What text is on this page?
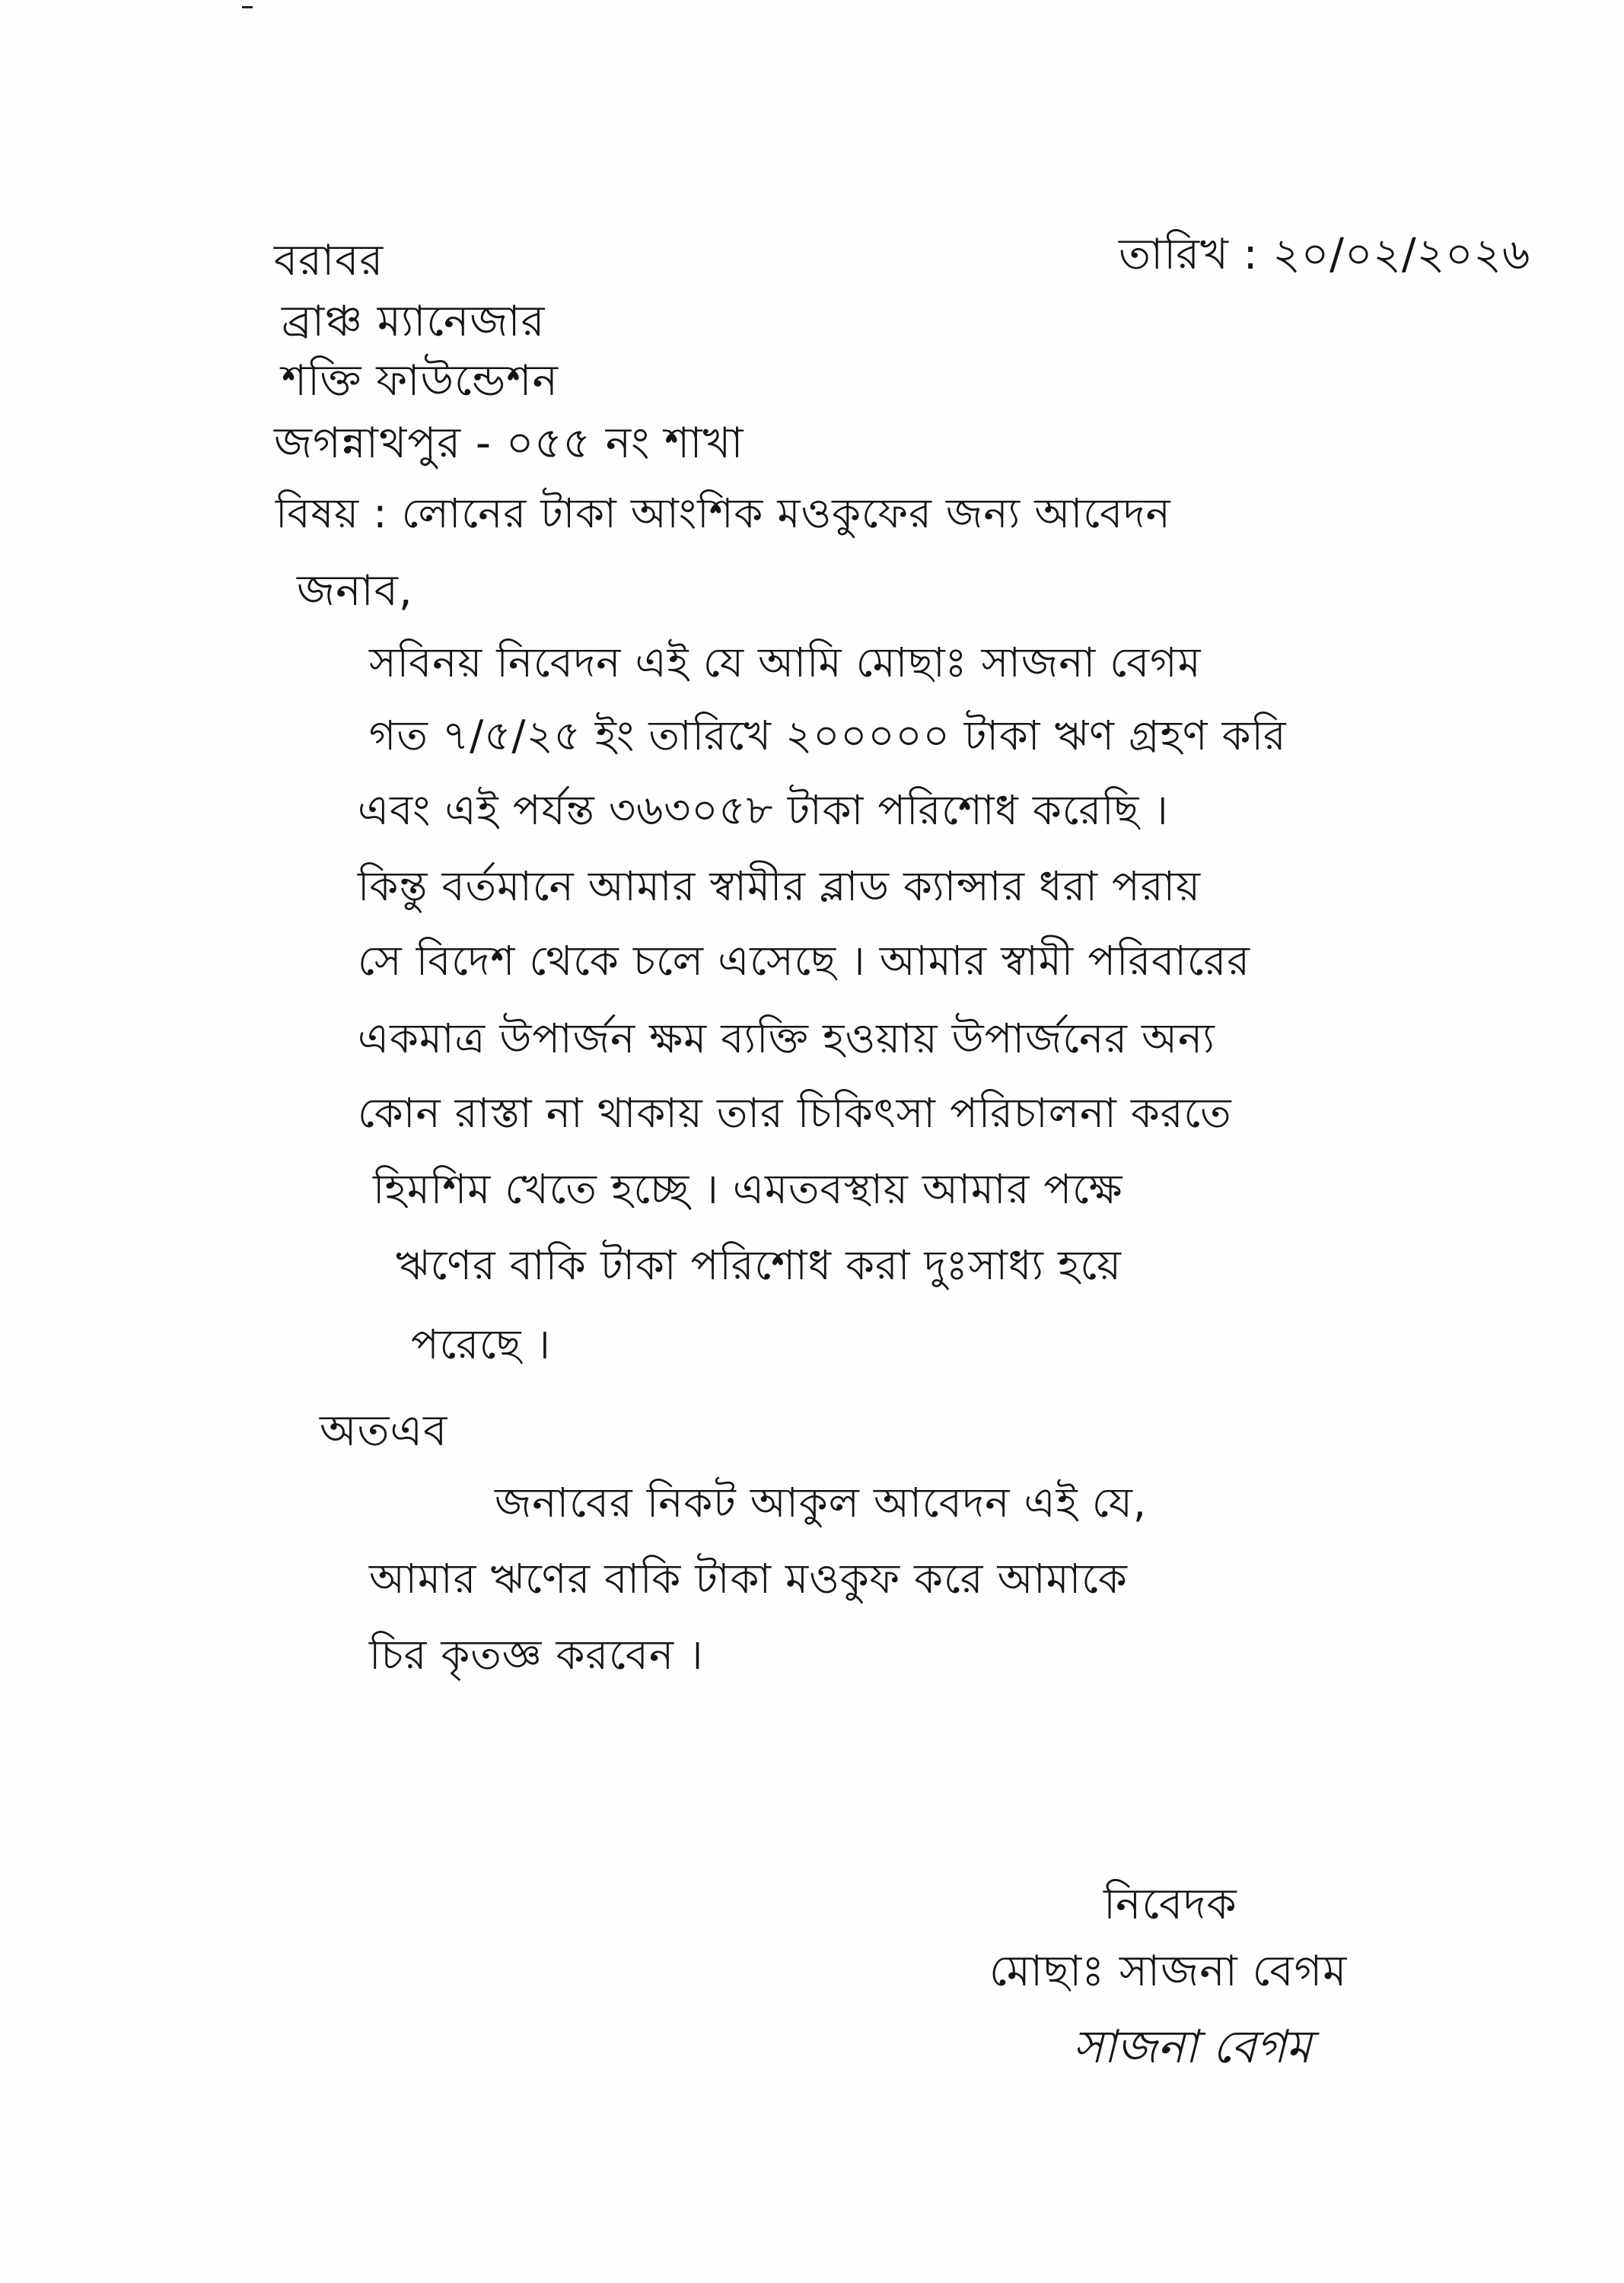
তারিখ : ২০/০২/২০২৬
বরাবর
ব্রাঞ্চ ম্যানেজার
শক্তি ফাউন্ডেশন
জগন্নাথপুর - ০৫৫ নং শাখা
বিষয় : লোনের টাকা আংশিক মওকুফের জন্য আবেদন
জনাব,
সবিনয় নিবেদন এই যে আমি মোছাঃ সাজনা বেগম
গত ৭/৫/২৫ ইং তারিখে ২০০০০০ টাকা ঋণ গ্রহণ করি
এবং এই পর্যন্ত ৩৬৩০৫৮ টাকা পরিশোধ করেছি ।
কিন্তু বর্তমানে আমার স্বামীর ব্লাড ক্যান্সার ধরা পরায়
সে বিদেশ থেকে চলে এসেছে । আমার স্বামী পরিবারের
একমাত্র উপার্জন ক্ষম ব্যক্তি হওয়ায় উপার্জনের অন্য
কোন রাস্তা না থাকায় তার চিকিৎসা পরিচালনা করতে
হিমশিম খেতে হচ্ছে । এমতবস্থায় আমার পক্ষে
ঋণের বাকি টাকা পরিশোধ করা দুঃসাধ্য হয়ে
পরেছে ।
অতএব
জনাবের নিকট আকুল আবেদন এই যে,
আমার ঋণের বাকি টাকা মওকুফ করে আমাকে
চির কৃতজ্ঞ করবেন ।
নিবেদক
মোছাঃ সাজনা বেগম
সাজনা বেগম
